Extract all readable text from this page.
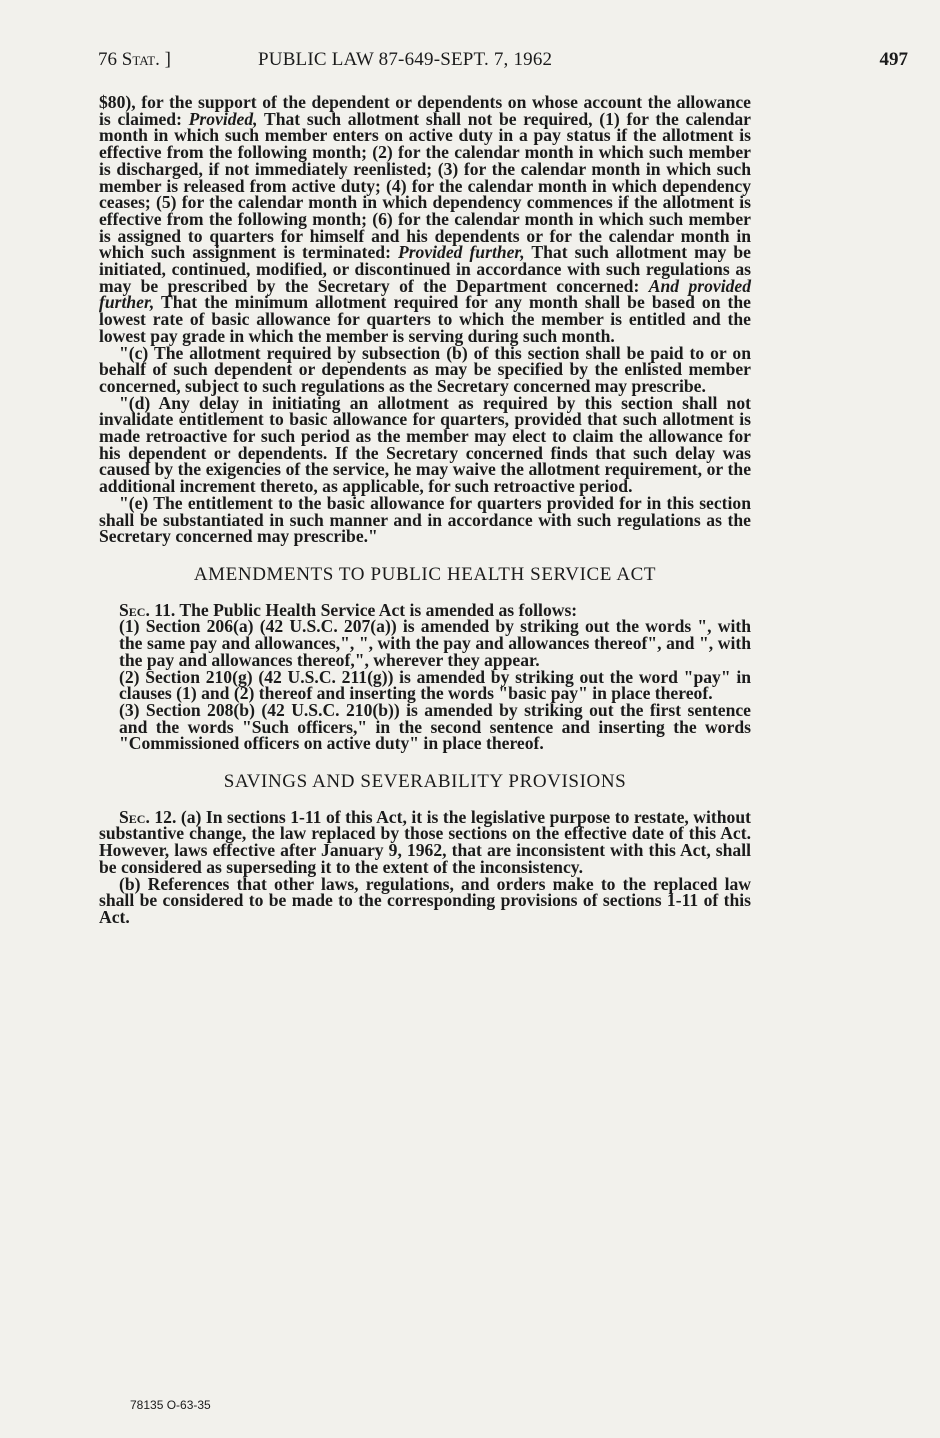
76 Stat. ]	PUBLIC LAW 87-649-SEPT. 7, 1962	497

$80), for the support of the dependent or dependents on whose account the allowance is claimed: Provided, That such allotment shall not be required, (1) for the calendar month in which such member enters on active duty in a pay status if the allotment is effective from the following month; (2) for the calendar month in which such member is discharged, if not immediately reenlisted; (3) for the calendar month in which such member is released from active duty; (4) for the calendar month in which dependency ceases; (5) for the calendar month in which dependency commences if the allotment is effective from the following month; (6) for the calendar month in which such member is assigned to quarters for himself and his dependents or for the calendar month in which such assignment is terminated: Provided further, That such allotment may be initiated, continued, modified, or discontinued in accordance with such regulations as may be prescribed by the Secretary of the Department concerned: And provided further, That the minimum allotment required for any month shall be based on the lowest rate of basic allowance for quarters to which the member is entitled and the lowest pay grade in which the member is serving during such month.

"(c) The allotment required by subsection (b) of this section shall be paid to or on behalf of such dependent or dependents as may be specified by the enlisted member concerned, subject to such regulations as the Secretary concerned may prescribe.

"(d) Any delay in initiating an allotment as required by this section shall not invalidate entitlement to basic allowance for quarters, provided that such allotment is made retroactive for such period as the member may elect to claim the allowance for his dependent or dependents. If the Secretary concerned finds that such delay was caused by the exigencies of the service, he may waive the allotment requirement, or the additional increment thereto, as applicable, for such retroactive period.

"(e) The entitlement to the basic allowance for quarters provided for in this section shall be substantiated in such manner and in accordance with such regulations as the Secretary concerned may prescribe."

AMENDMENTS TO PUBLIC HEALTH SERVICE ACT

Sec. 11. The Public Health Service Act is amended as follows:

(1) Section 206(a) (42 U.S.C. 207(a)) is amended by striking out the words ", with the same pay and allowances,", ", with the pay and allowances thereof", and ", with the pay and allowances thereof,", wherever they appear.

(2) Section 210(g) (42 U.S.C. 211(g)) is amended by striking out the word "pay" in clauses (1) and (2) thereof and inserting the words "basic pay" in place thereof.

(3) Section 208(b) (42 U.S.C. 210(b)) is amended by striking out the first sentence and the words "Such officers," in the second sentence and inserting the words "Commissioned officers on active duty" in place thereof.

SAVINGS AND SEVERABILITY PROVISIONS

Sec. 12. (a) In sections 1-11 of this Act, it is the legislative purpose to restate, without substantive change, the law replaced by those sections on the effective date of this Act. However, laws effective after January 9, 1962, that are inconsistent with this Act, shall be considered as superseding it to the extent of the inconsistency.

(b) References that other laws, regulations, and orders make to the replaced law shall be considered to be made to the corresponding provisions of sections 1-11 of this Act.

78135 O-63-35
